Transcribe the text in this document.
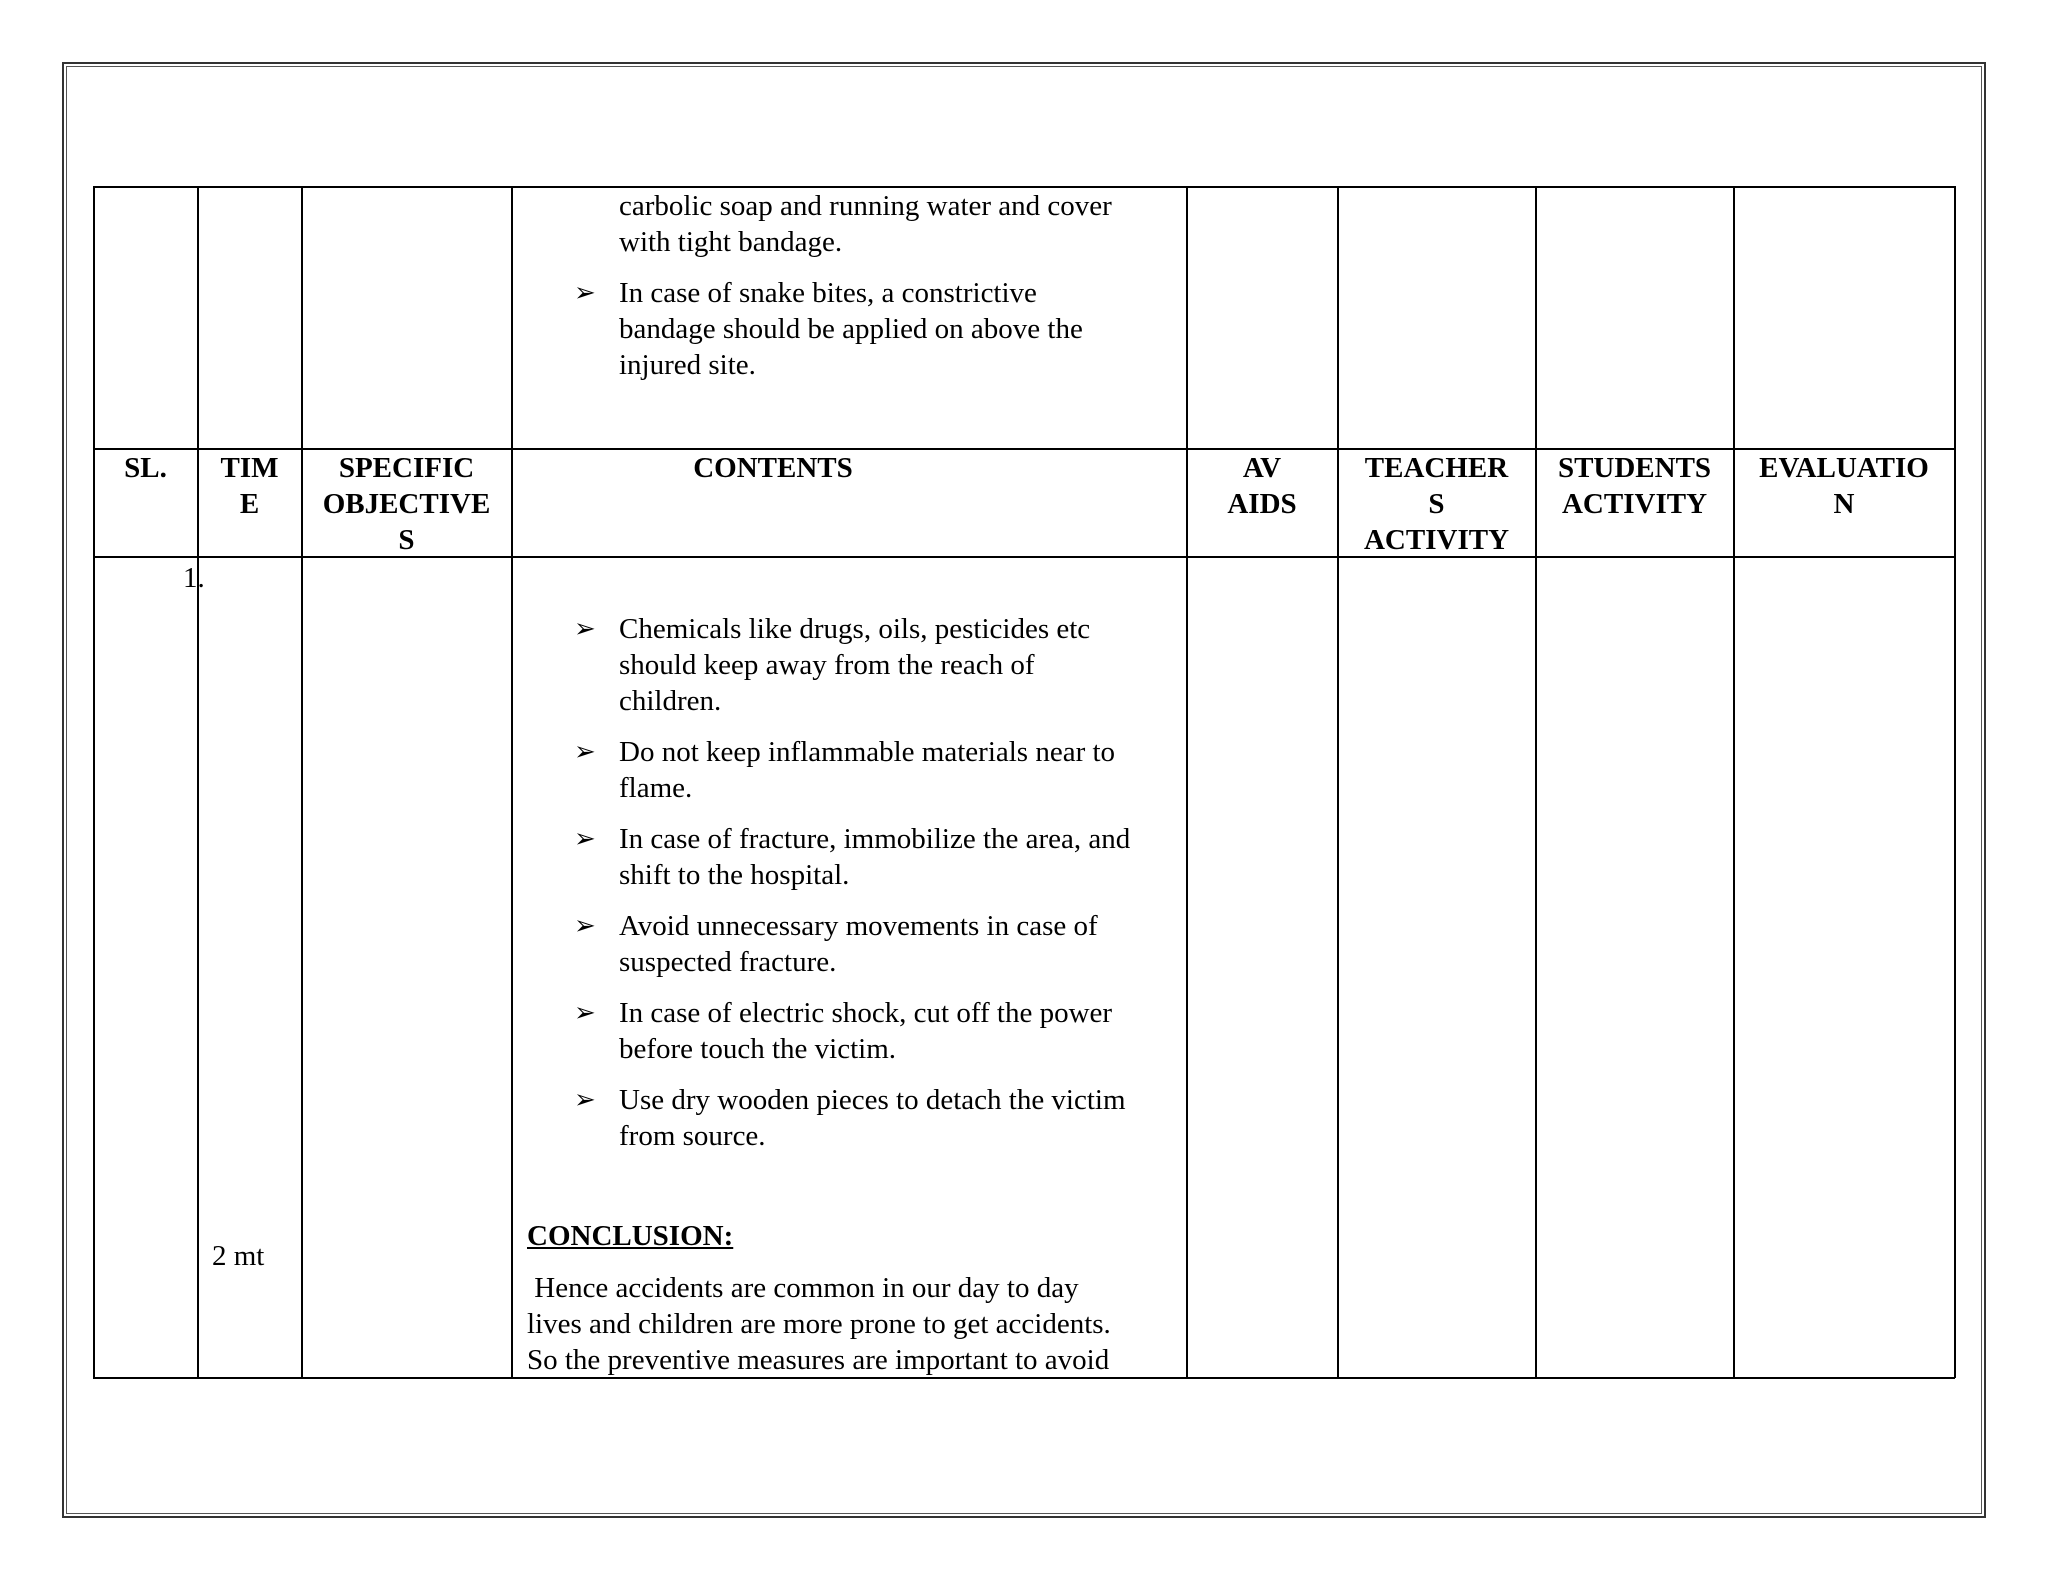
carbolic soap and running water and cover
with tight bandage.
➢ In case of snake bites, a constrictive
bandage should be applied on above the
injured site.
SL.	TIM
E
SPECIFIC
OBJECTIVE
S
CONTENTS	AV
AIDS
TEACHER
S
ACTIVITY
STUDENTS
ACTIVITY
EVALUATIO
N
1.
2 mt
➢ Chemicals like drugs, oils, pesticides etc
should keep away from the reach of
children.
➢ Do not keep inflammable materials near to
flame.
➢ In case of fracture, immobilize the area, and
shift to the hospital.
➢ Avoid unnecessary movements in case of
suspected fracture.
➢ In case of electric shock, cut off the power
before touch the victim.
➢ Use dry wooden pieces to detach the victim
from source.
CONCLUSION:
Hence accidents are common in our day to day
lives and children are more prone to get accidents.
So the preventive measures are important to avoid
